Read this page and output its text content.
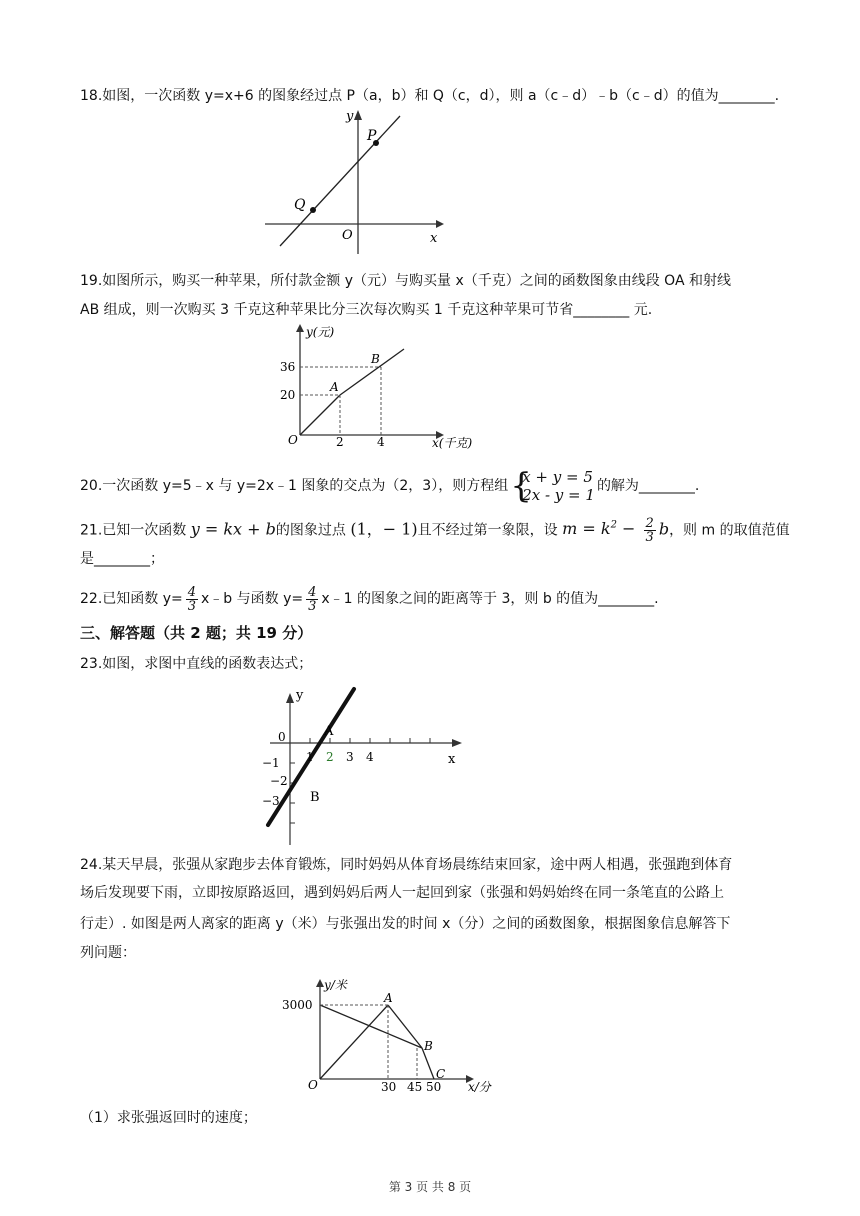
18.如图，一次函数 y=x+6 的图象经过点 P（a，b）和 Q（c，d），则 a（c﹣d）﹣b（c﹣d）的值为________.
y
x
O
P
Q
19.如图所示，购买一种苹果，所付款金额 y（元）与购买量 x（千克）之间的函数图象由线段 OA 和射线
AB 组成，则一次购买 3 千克这种苹果比分三次每次购买 1 千克这种苹果可节省________ 元.
y(元)
x(千克)
O
A
B
36
20
2	4
20.一次函数 y=5﹣x 与 y=2x﹣1 图象的交点为（2，3），则方程组 {
x + y = 5
2x - y = 1 的解为________.
21.已知一次函数 y = kx + b的图象过点 (1，− 1)且不经过第一象限，设 $m = k^2 - \frac{2}{3}$ b，则 m 的取值范值
是________；
22.已知函数 $y= \frac{4}{3}$ x﹣b 与函数 $y= \frac{4}{3}$ x﹣1 的图象之间的距离等于 3，则 b 的值为________.
三、解答题（共 2 题；共 19 分）
23.如图，求图中直线的函数表达式；
y
x
0	A
B
1 2 3 4
−1
−2
−3
24.某天早晨，张强从家跑步去体育锻炼，同时妈妈从体育场晨练结束回家，途中两人相遇，张强跑到体育
场后发现要下雨，立即按原路返回，遇到妈妈后两人一起回到家（张强和妈妈始终在同一条笔直的公路上
行走）. 如图是两人离家的距离 y（米）与张强出发的时间 x（分）之间的函数图象，根据图象信息解答下
列问题：
y/米
x/分
O
A
B
C
3000
30 45 50
（1）求张强返回时的速度；
第 3 页 共 8 页
